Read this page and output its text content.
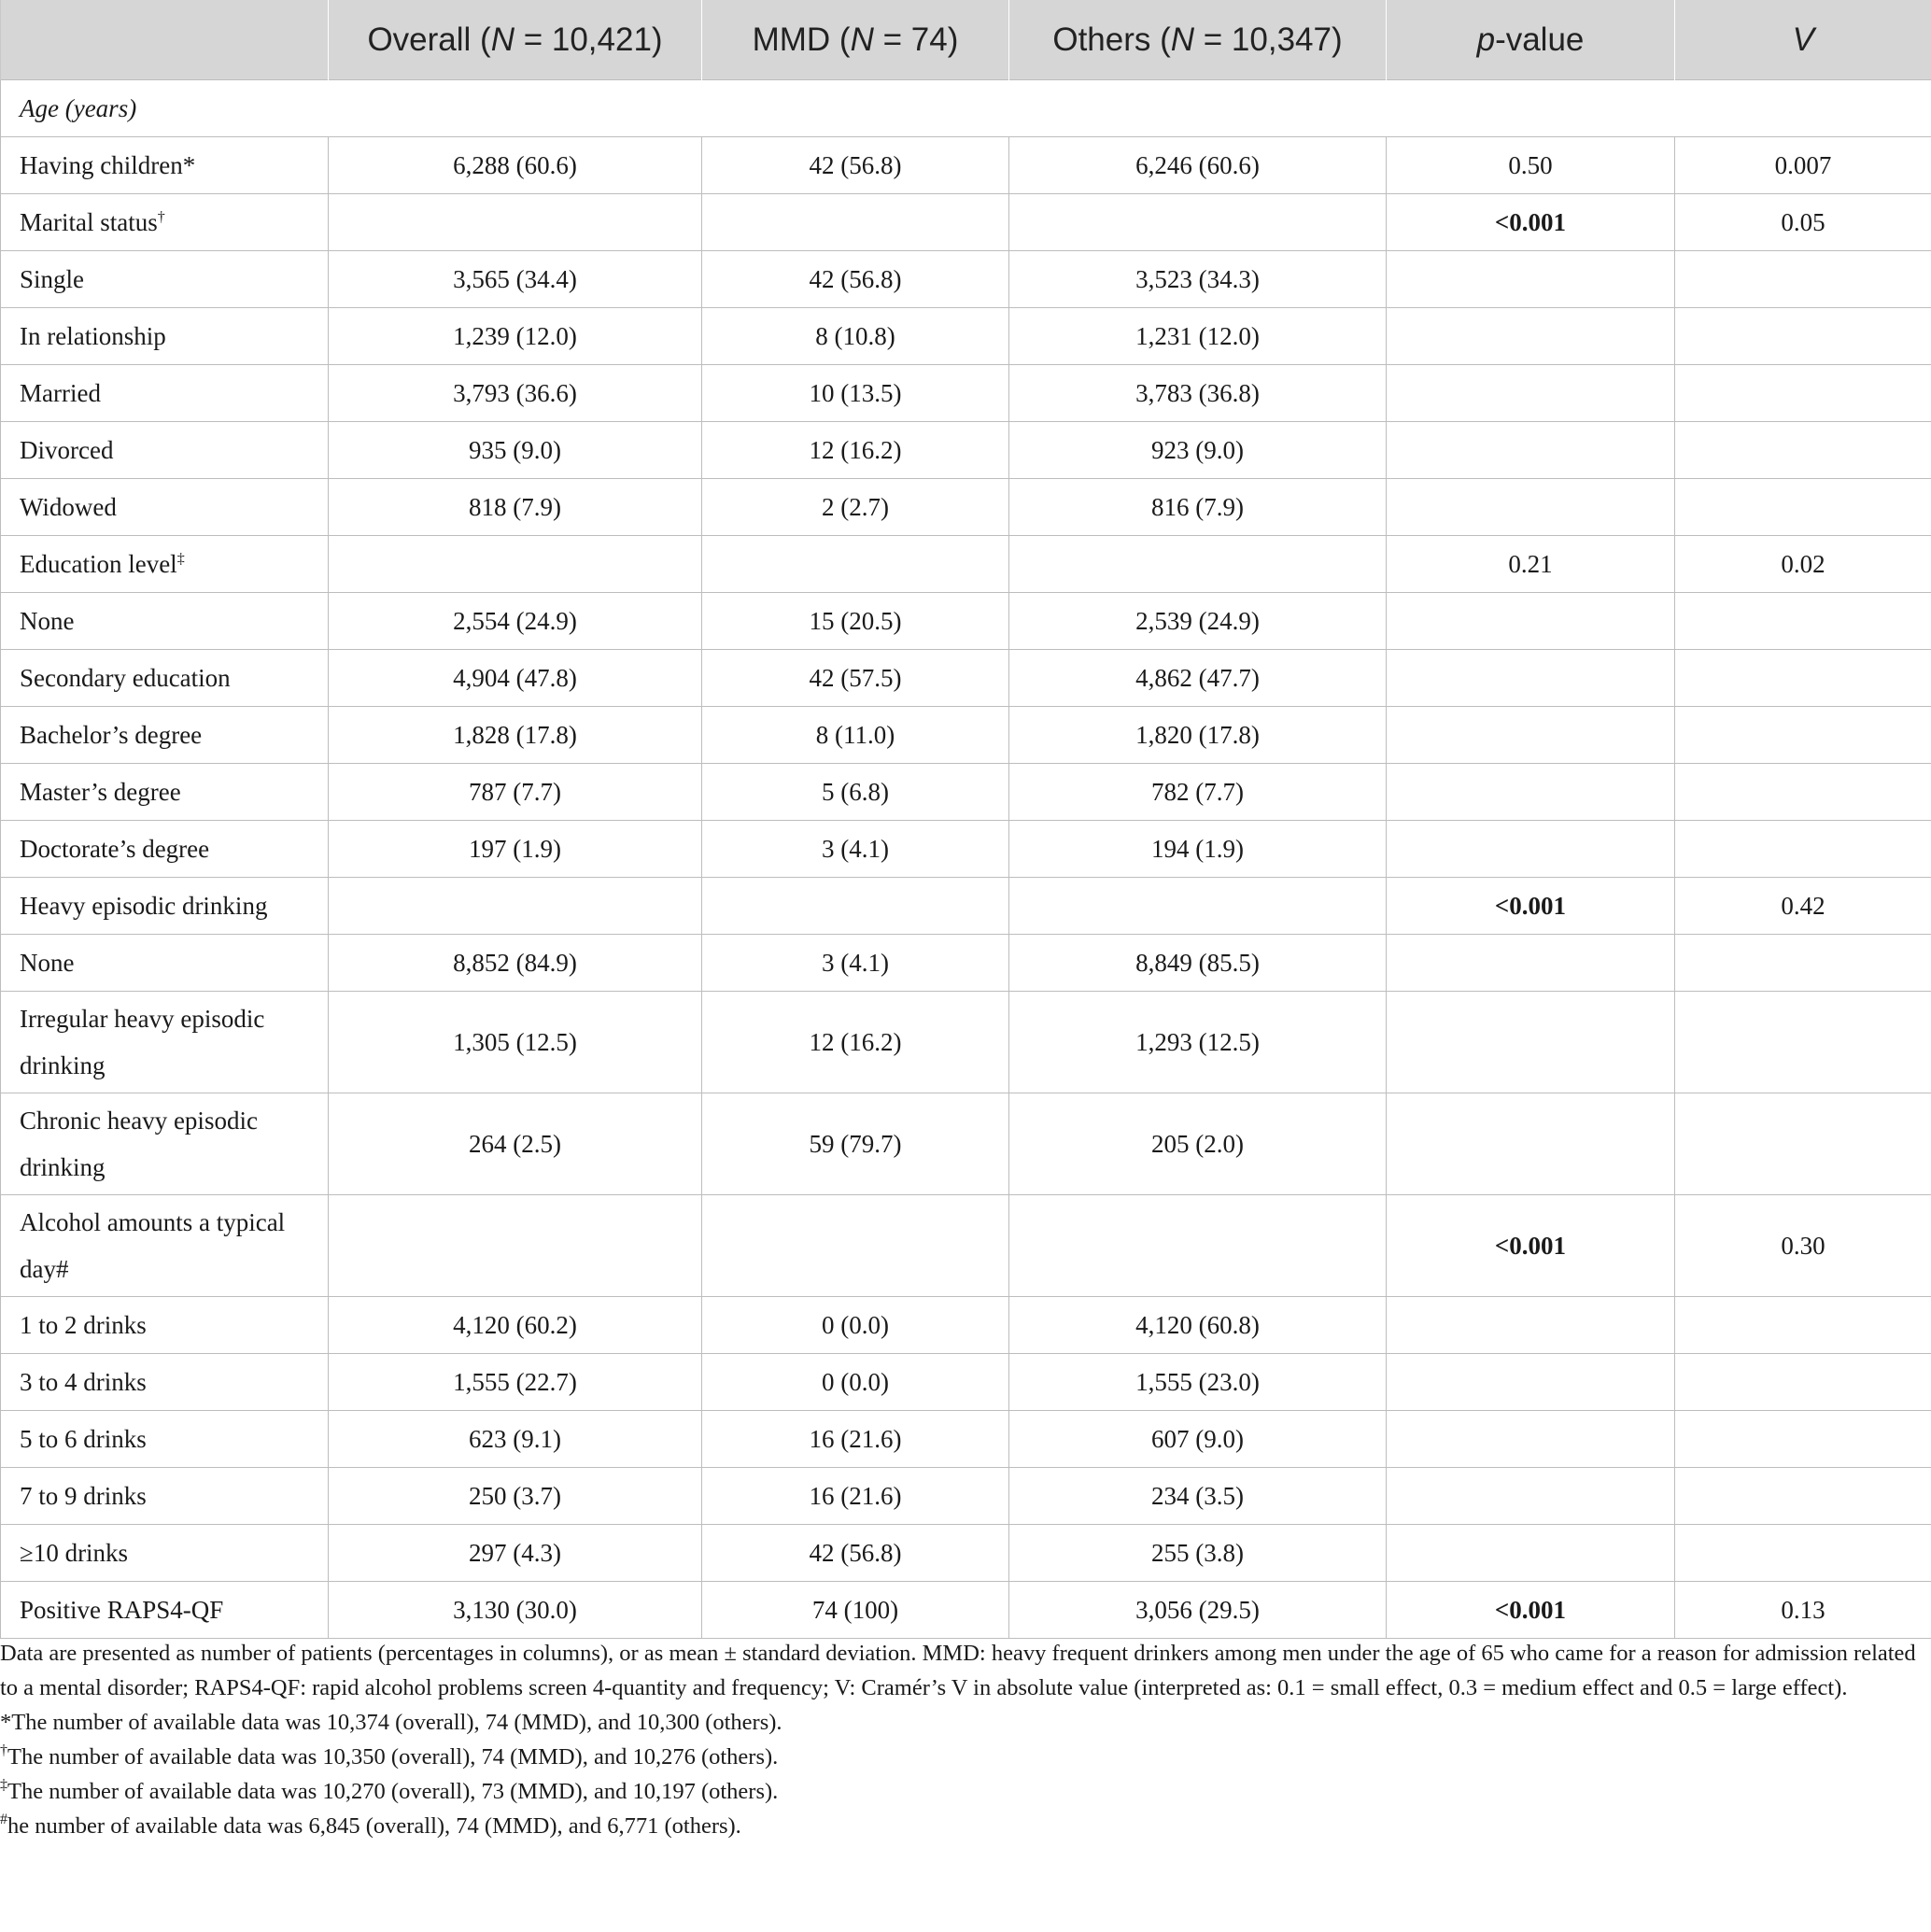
	Overall (N = 10,421)	MMD (N = 74)	Others (N = 10,347)	p-value	V
Age (years)					
Having children*	6,288 (60.6)	42 (56.8)	6,246 (60.6)	0.50	0.007
Marital status†				<0.001	0.05
Single	3,565 (34.4)	42 (56.8)	3,523 (34.3)		
In relationship	1,239 (12.0)	8 (10.8)	1,231 (12.0)		
Married	3,793 (36.6)	10 (13.5)	3,783 (36.8)		
Divorced	935 (9.0)	12 (16.2)	923 (9.0)		
Widowed	818 (7.9)	2 (2.7)	816 (7.9)		
Education level‡				0.21	0.02
None	2,554 (24.9)	15 (20.5)	2,539 (24.9)		
Secondary education	4,904 (47.8)	42 (57.5)	4,862 (47.7)		
Bachelor’s degree	1,828 (17.8)	8 (11.0)	1,820 (17.8)		
Master’s degree	787 (7.7)	5 (6.8)	782 (7.7)		
Doctorate’s degree	197 (1.9)	3 (4.1)	194 (1.9)		
Heavy episodic drinking				<0.001	0.42
None	8,852 (84.9)	3 (4.1)	8,849 (85.5)		
Irregular heavy episodic drinking	1,305 (12.5)	12 (16.2)	1,293 (12.5)		
Chronic heavy episodic drinking	264 (2.5)	59 (79.7)	205 (2.0)		
Alcohol amounts a typical day#				<0.001	0.30
1 to 2 drinks	4,120 (60.2)	0 (0.0)	4,120 (60.8)		
3 to 4 drinks	1,555 (22.7)	0 (0.0)	1,555 (23.0)		
5 to 6 drinks	623 (9.1)	16 (21.6)	607 (9.0)		
7 to 9 drinks	250 (3.7)	16 (21.6)	234 (3.5)		
≥10 drinks	297 (4.3)	42 (56.8)	255 (3.8)		
Positive RAPS4-QF	3,130 (30.0)	74 (100)	3,056 (29.5)	<0.001	0.13

Data are presented as number of patients (percentages in columns), or as mean ± standard deviation. MMD: heavy frequent drinkers among men under the age of 65 who came for a reason for admission related to a mental disorder; RAPS4-QF: rapid alcohol problems screen 4-quantity and frequency; V: Cramér’s V in absolute value (interpreted as: 0.1 = small effect, 0.3 = medium effect and 0.5 = large effect).

*The number of available data was 10,374 (overall), 74 (MMD), and 10,300 (others).

†The number of available data was 10,350 (overall), 74 (MMD), and 10,276 (others).

‡The number of available data was 10,270 (overall), 73 (MMD), and 10,197 (others).

#he number of available data was 6,845 (overall), 74 (MMD), and 6,771 (others).
